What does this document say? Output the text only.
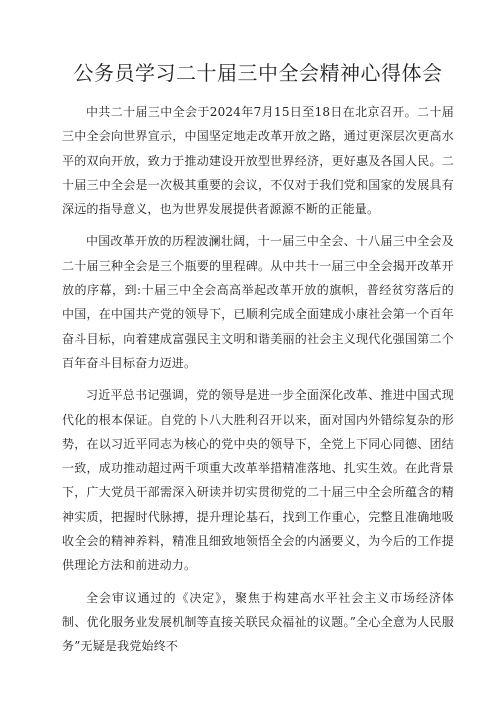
公务员学习二十届三中全会精神心得体会

中共二十届三中全会于2024年7月15日至18日在北京召开。二十届三中全会向世界宣示，中国坚定地走改革开放之路，通过更深层次更高水平的双向开放，致力于推动建设开放型世界经济，更好惠及各国人民。二十届三中全会是一次极其重要的会议，不仅对于我们党和国家的发展具有深远的指导意义，也为世界发展提供者源源不断的正能量。

中国改革开放的历程波澜壮阔，十一届三中全会、十八届三中全会及二十届三种全会是三个瓶要的里程碑。从中共十一届三中全会揭开改革开放的序幕，到:十届三中全会高高举起改革开放的旗帜，普经贫穷落后的中国，在中国共产党的领导下，已顺利完成全面建成小康社会第一个百年奋斗目标，向着建成富强民主文明和谐美丽的社会主义现代化强国第二个百年奋斗目标奋力迈进。

习近平总书记强调，党的领导是进一步全面深化改革、推进中国式现代化的根本保证。自党的卜八大胜利召开以来，面对国内外错综复杂的形势，在以习近平同志为核心的党中央的领导下，全党上下同心同德、团结一致，成功推动超过两千项重大改革举措精准落地、扎实生效。在此背景下，广大党员干部需深入研读并切实贯彻党的二十届三中全会所蕴含的精神实质，把握时代脉搏，提升理论基石，找到工作重心，完整且准确地吸收全会的精神养料，精准且细致地领悟全会的内涵要义，为今后的工作提供理论方法和前进动力。

全会审议通过的《决定》，聚焦于构建高水平社会主义市场经济体制、优化服务业发展机制等直接关联民众福祉的议题。”全心全意为人民服务”无疑是我党始终不
